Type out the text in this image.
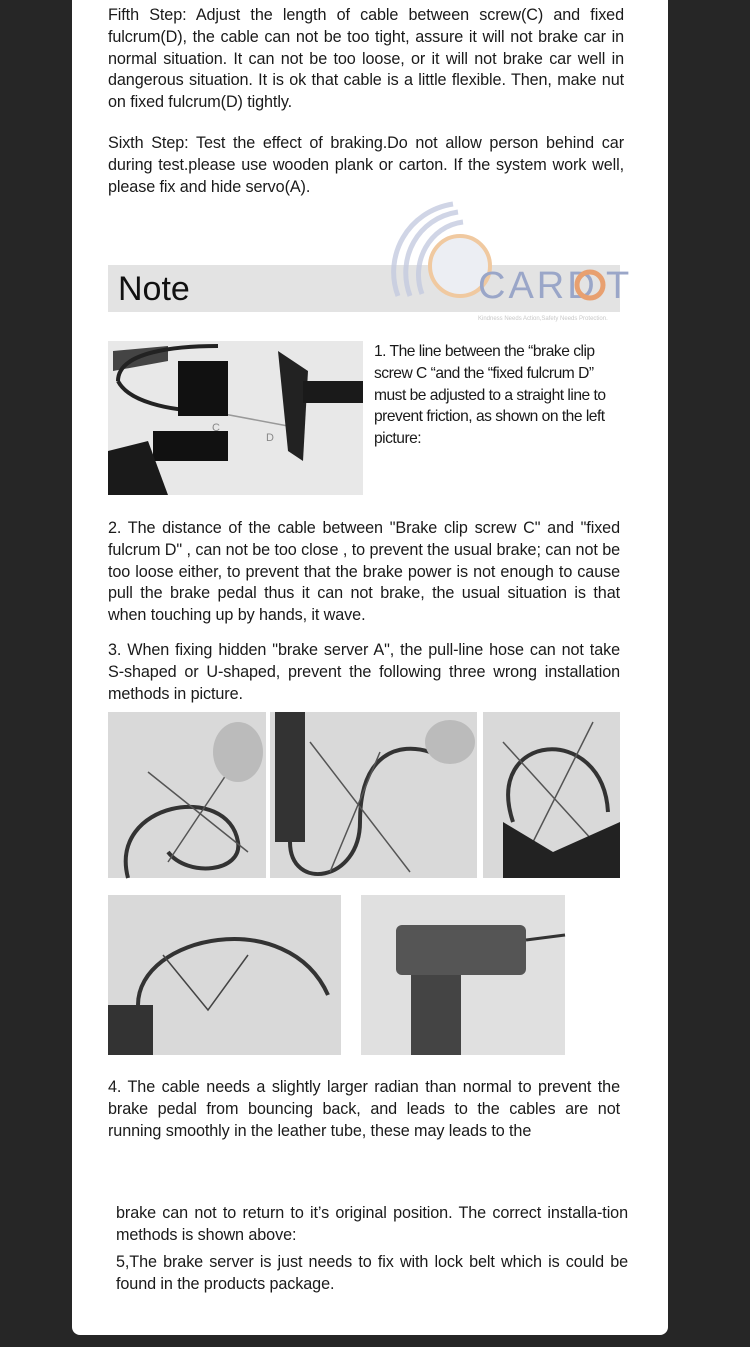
Fifth Step: Adjust the length of cable between screw(C) and fixed fulcrum(D), the cable can not be too tight, assure it will not brake car in normal situation. It can not be too loose, or it will not brake car well in dangerous situation. It is ok that cable is a little flexible. Then, make nut on fixed fulcrum(D) tightly.

Sixth Step: Test the effect of braking.Do not allow person behind car during test.please use wooden plank or carton. If the system work well, please fix and hide servo(A).

Note	CARD T
Kindness Needs Action,Safety Needs Protection.
C
D

1. The line between the “brake clip screw C “and the “fixed fulcrum D” must be adjusted to a straight line to prevent friction, as shown on the left picture:

2. The distance of the cable between "Brake clip screw C" and "fixed fulcrum D" , can not be too close , to prevent the usual brake; can not be too loose either, to prevent that the brake power is not enough to cause pull the brake pedal thus it can not brake, the usual situation is that when touching up by hands, it wave.

3. When fixing hidden "brake server A", the pull-line hose can not take S-shaped or U-shaped, prevent the following three wrong installation methods in picture.

4. The cable needs a slightly larger radian than normal to prevent the brake pedal from bouncing back, and leads to the cables are not running smoothly in the leather tube, these may leads to the

brake can not to return to it’s original position. The correct installa-tion methods is shown above:

5,The brake server is just needs to fix with lock belt which is could be found in the products package.
